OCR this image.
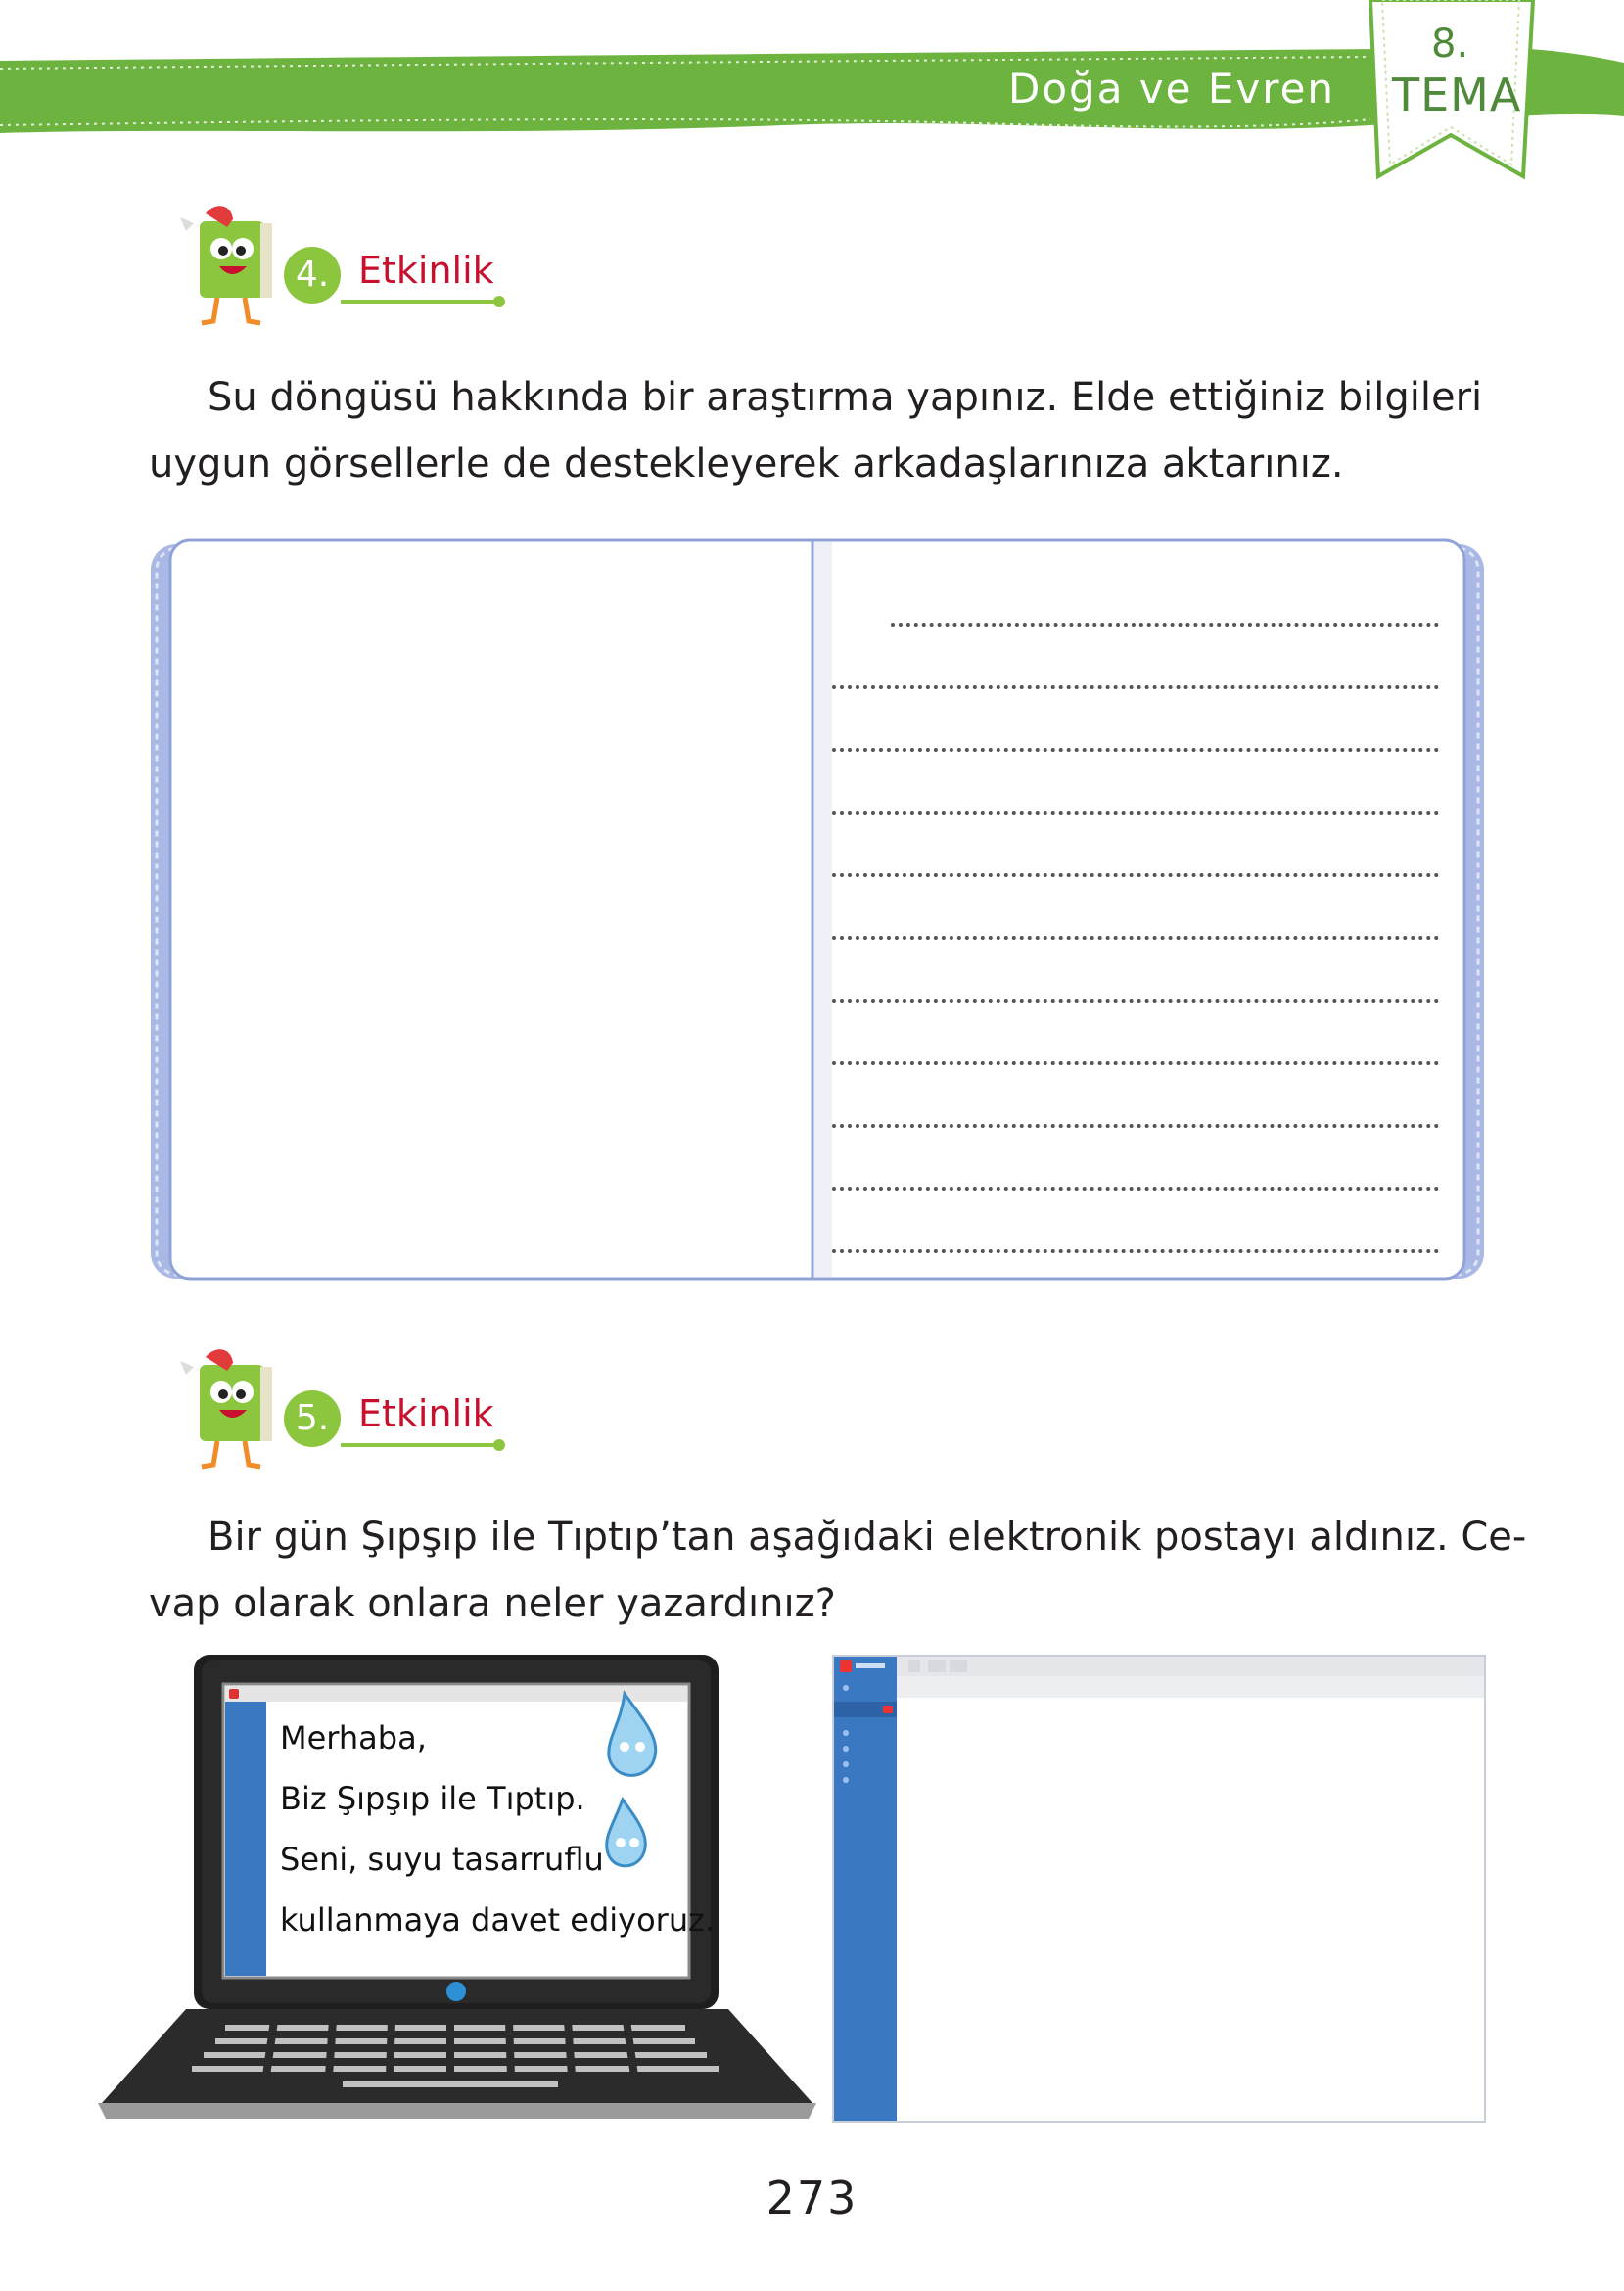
Doğa ve Evren
8.
TEMA
4. Etkinlik
Su döngüsü hakkında bir araştırma yapınız. Elde ettiğiniz bilgileri
uygun görsellerle de destekleyerek arkadaşlarınıza aktarınız.
5. Etkinlik
Bir gün Şıpşıp ile Tıptıp’tan aşağıdaki elektronik postayı aldınız. Ce-
vap olarak onlara neler yazardınız?
Merhaba,
Biz Şıpşıp ile Tıptıp.
Seni, suyu tasarruflu
kullanmaya davet ediyoruz.
273
